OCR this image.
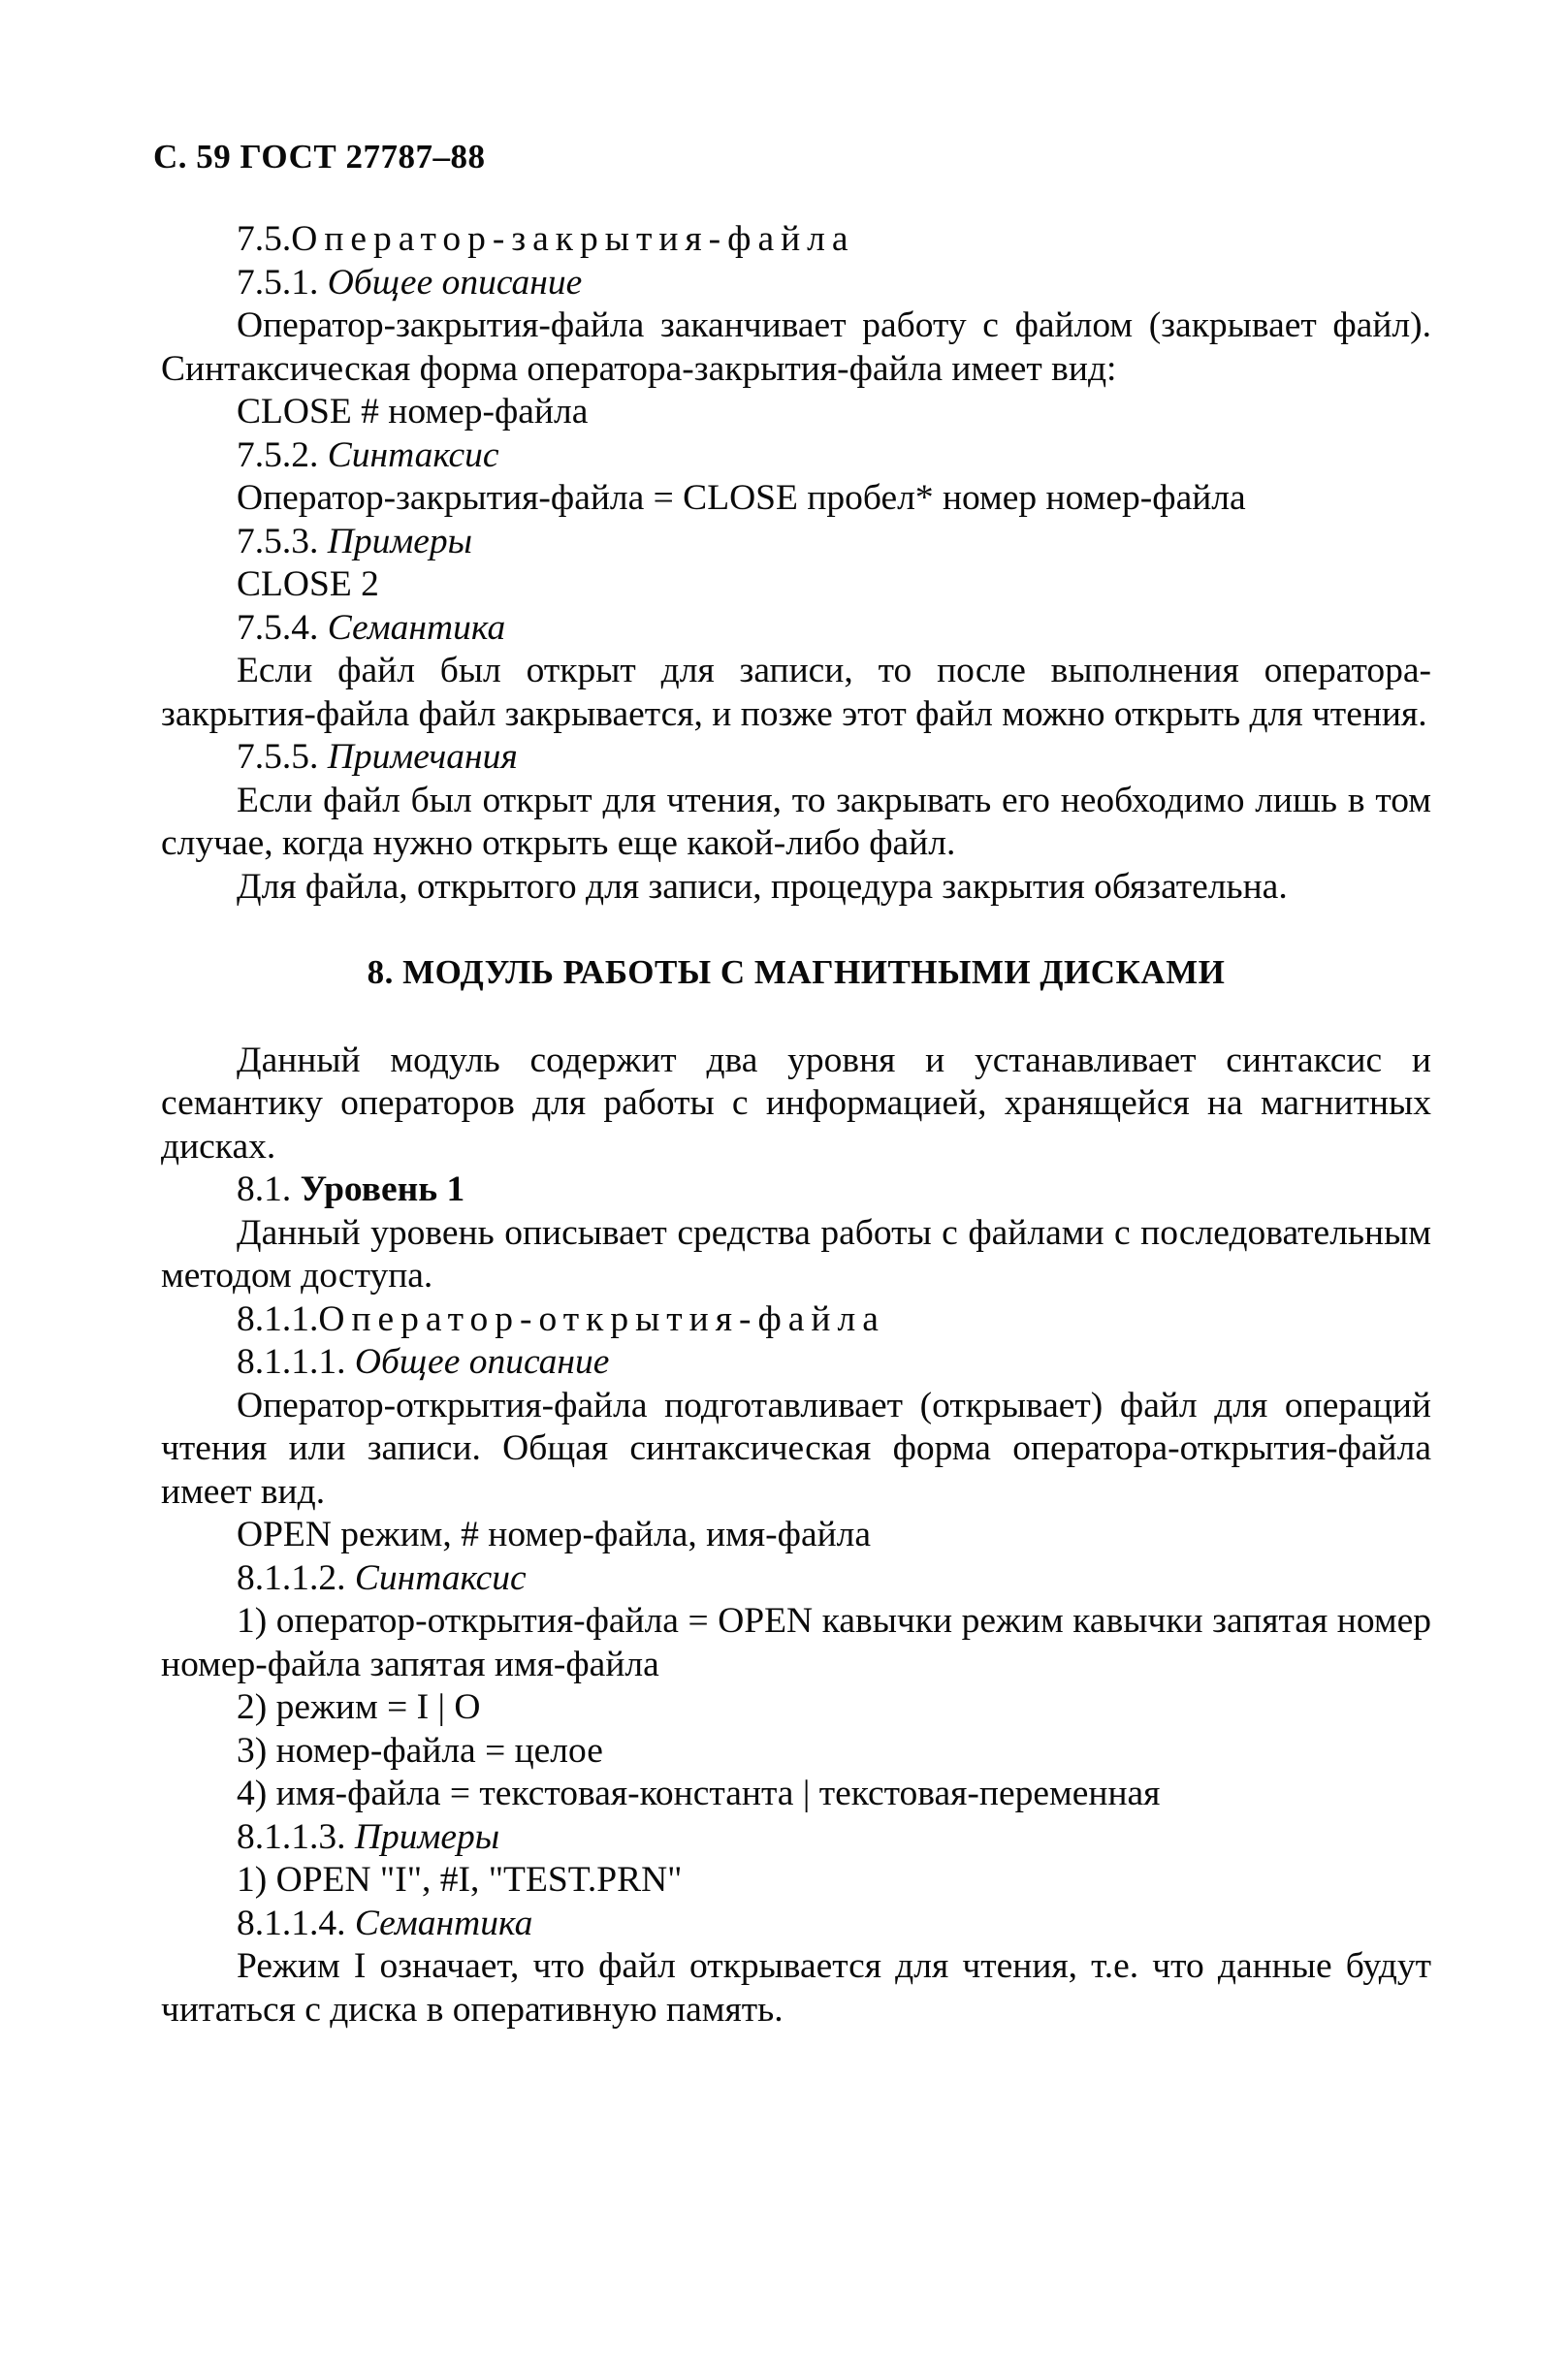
С. 59 ГОСТ 27787–88

7.5.Оператор-закрытия-файла

7.5.1. Общее описание

Оператор-закрытия-файла заканчивает работу с файлом (закрывает файл). Синтаксическая форма оператора-закрытия-файла имеет вид:

CLOSE # номер-файла

7.5.2. Синтаксис

Оператор-закрытия-файла = CLOSE пробел* номер номер-файла

7.5.3. Примеры

CLOSE 2

7.5.4. Семантика

Если файл был открыт для записи, то после выполнения оператора-закрытия-файла файл закрывается, и позже этот файл можно открыть для чтения.

7.5.5. Примечания

Если файл был открыт для чтения, то закрывать его необходимо лишь в том случае, когда нужно открыть еще какой-либо файл.

Для файла, открытого для записи, процедура закрытия обязательна.

8. МОДУЛЬ РАБОТЫ С МАГНИТНЫМИ ДИСКАМИ

Данный модуль содержит два уровня и устанавливает синтаксис и семантику операторов для работы с информацией, хранящейся на магнитных дисках.

8.1. Уровень 1

Данный уровень описывает средства работы с файлами с последовательным методом доступа.

8.1.1.Оператор-открытия-файла

8.1.1.1. Общее описание

Оператор-открытия-файла подготавливает (открывает) файл для операций чтения или записи. Общая синтаксическая форма оператора-открытия-файла имеет вид.

OPEN режим, # номер-файла, имя-файла

8.1.1.2. Синтаксис

1) оператор-открытия-файла = OPEN кавычки режим кавычки запятая номер номер-файла запятая имя-файла

2) режим = I | O

3) номер-файла = целое

4) имя-файла = текстовая-константа | текстовая-переменная

8.1.1.3. Примеры

1) OPEN "I", #I, "TEST.PRN"

8.1.1.4. Семантика

Режим I означает, что файл открывается для чтения, т.е. что данные будут читаться с диска в оперативную память.
